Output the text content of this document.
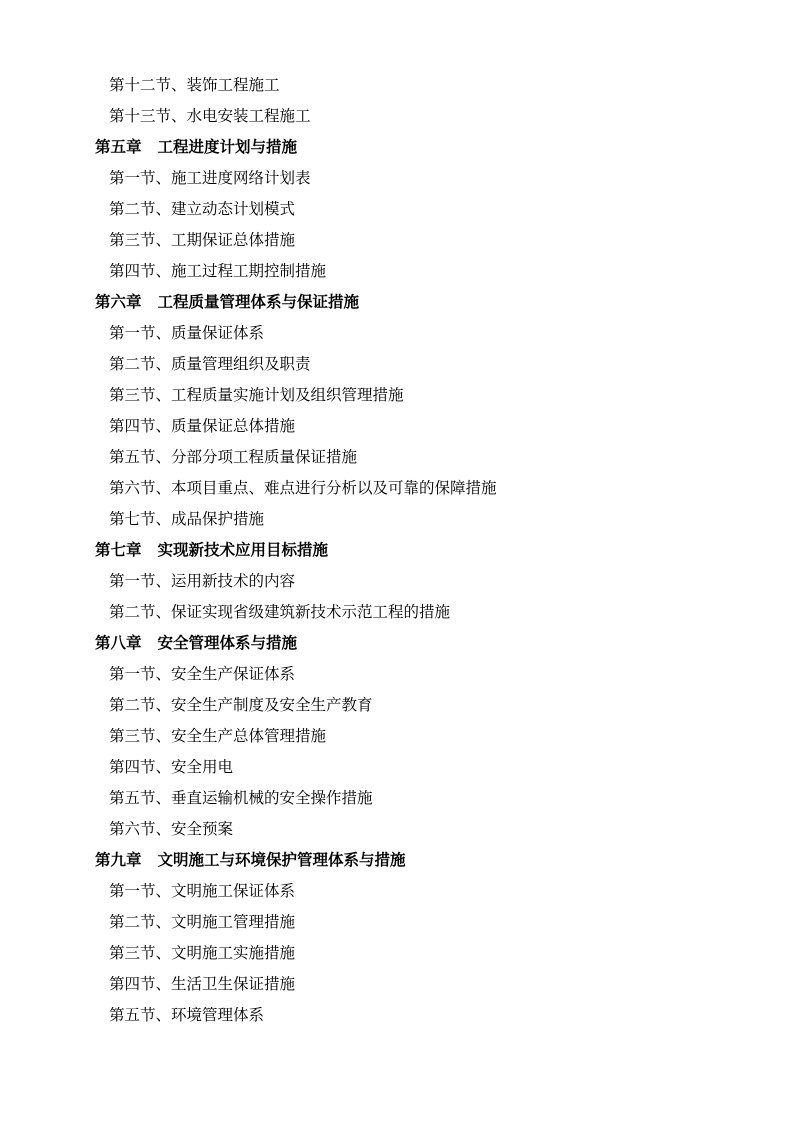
第十二节、装饰工程施工
第十三节、水电安装工程施工
第五章 工程进度计划与措施
第一节、施工进度网络计划表
第二节、建立动态计划模式
第三节、工期保证总体措施
第四节、施工过程工期控制措施
第六章 工程质量管理体系与保证措施
第一节、质量保证体系
第二节、质量管理组织及职责
第三节、工程质量实施计划及组织管理措施
第四节、质量保证总体措施
第五节、分部分项工程质量保证措施
第六节、本项目重点、难点进行分析以及可靠的保障措施
第七节、成品保护措施
第七章 实现新技术应用目标措施
第一节、运用新技术的内容
第二节、保证实现省级建筑新技术示范工程的措施
第八章 安全管理体系与措施
第一节、安全生产保证体系
第二节、安全生产制度及安全生产教育
第三节、安全生产总体管理措施
第四节、安全用电
第五节、垂直运输机械的安全操作措施
第六节、安全预案
第九章 文明施工与环境保护管理体系与措施
第一节、文明施工保证体系
第二节、文明施工管理措施
第三节、文明施工实施措施
第四节、生活卫生保证措施
第五节、环境管理体系
